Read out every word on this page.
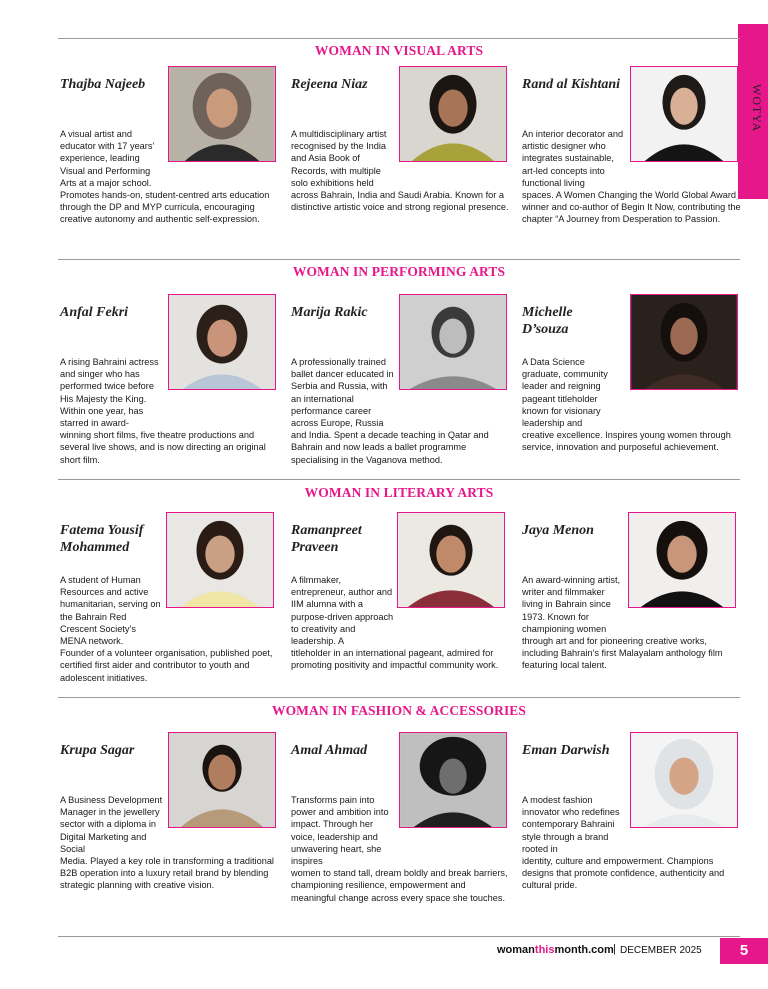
WOTYA
WOMAN IN VISUAL ARTS
Thajba Najeeb
A visual artist and educator with 17 years’ experience, leading Visual and Performing Arts at a major school.
Promotes hands-on, student-centred arts education through the DP and MYP curricula, encouraging creative autonomy and authentic self-expression.
Rejeena Niaz
A multidisciplinary artist recognised by the India and Asia Book of Records, with multiple solo exhibitions held
across Bahrain, India and Saudi Arabia. Known for a distinctive artistic voice and strong regional presence.
Rand al Kishtani
An interior decorator and artistic designer who integrates sustainable, art-led concepts into functional living
spaces. A Women Changing the World Global Award winner and co-author of Begin It Now, contributing the chapter “A Journey from Desperation to Passion.
WOMAN IN PERFORMING ARTS
Anfal Fekri
A rising Bahraini actress and singer who has performed twice before His Majesty the King. Within one year, has starred in award-
winning short films, five theatre productions and several live shows, and is now directing an original short film.
Marija Rakic
A professionally trained ballet dancer educated in Serbia and Russia, with an international performance career across Europe, Russia
and India. Spent a decade teaching in Qatar and Bahrain and now leads a ballet programme specialising in the Vaganova method.
Michelle D’souza
A Data Science graduate, community leader and reigning pageant titleholder known for visionary leadership and
creative excellence. Inspires young women through service, innovation and purposeful achievement.
WOMAN IN LITERARY ARTS
Fatema Yousif Mohammed
A student of Human Resources and active humanitarian, serving on the Bahrain Red Crescent Society’s MENA network.
Founder of a volunteer organisation, published poet, certified first aider and contributor to youth and adolescent initiatives.
Ramanpreet Praveen
A filmmaker, entrepreneur, author and IIM alumna with a purpose-driven approach to creativity and leadership. A
titleholder in an international pageant, admired for promoting positivity and impactful community work.
Jaya Menon
An award-winning artist, writer and filmmaker living in Bahrain since 1973. Known for championing women
through art and for pioneering creative works, including Bahrain’s first Malayalam anthology film featuring local talent.
WOMAN IN FASHION & ACCESSORIES
Krupa Sagar
A Business Development Manager in the jewellery sector with a diploma in Digital Marketing and Social
Media. Played a key role in transforming a traditional B2B operation into a luxury retail brand by blending strategic planning with creative vision.
Amal Ahmad
Transforms pain into power and ambition into impact. Through her voice, leadership and unwavering heart, she inspires
women to stand tall, dream boldly and break barriers, championing resilience, empowerment and meaningful change across every space she touches.
Eman Darwish
A modest fashion innovator who redefines contemporary Bahraini style through a brand rooted in
identity, culture and empowerment. Champions designs that promote confidence, authenticity and cultural pride.
womanthismonth.com | DECEMBER 2025	5
